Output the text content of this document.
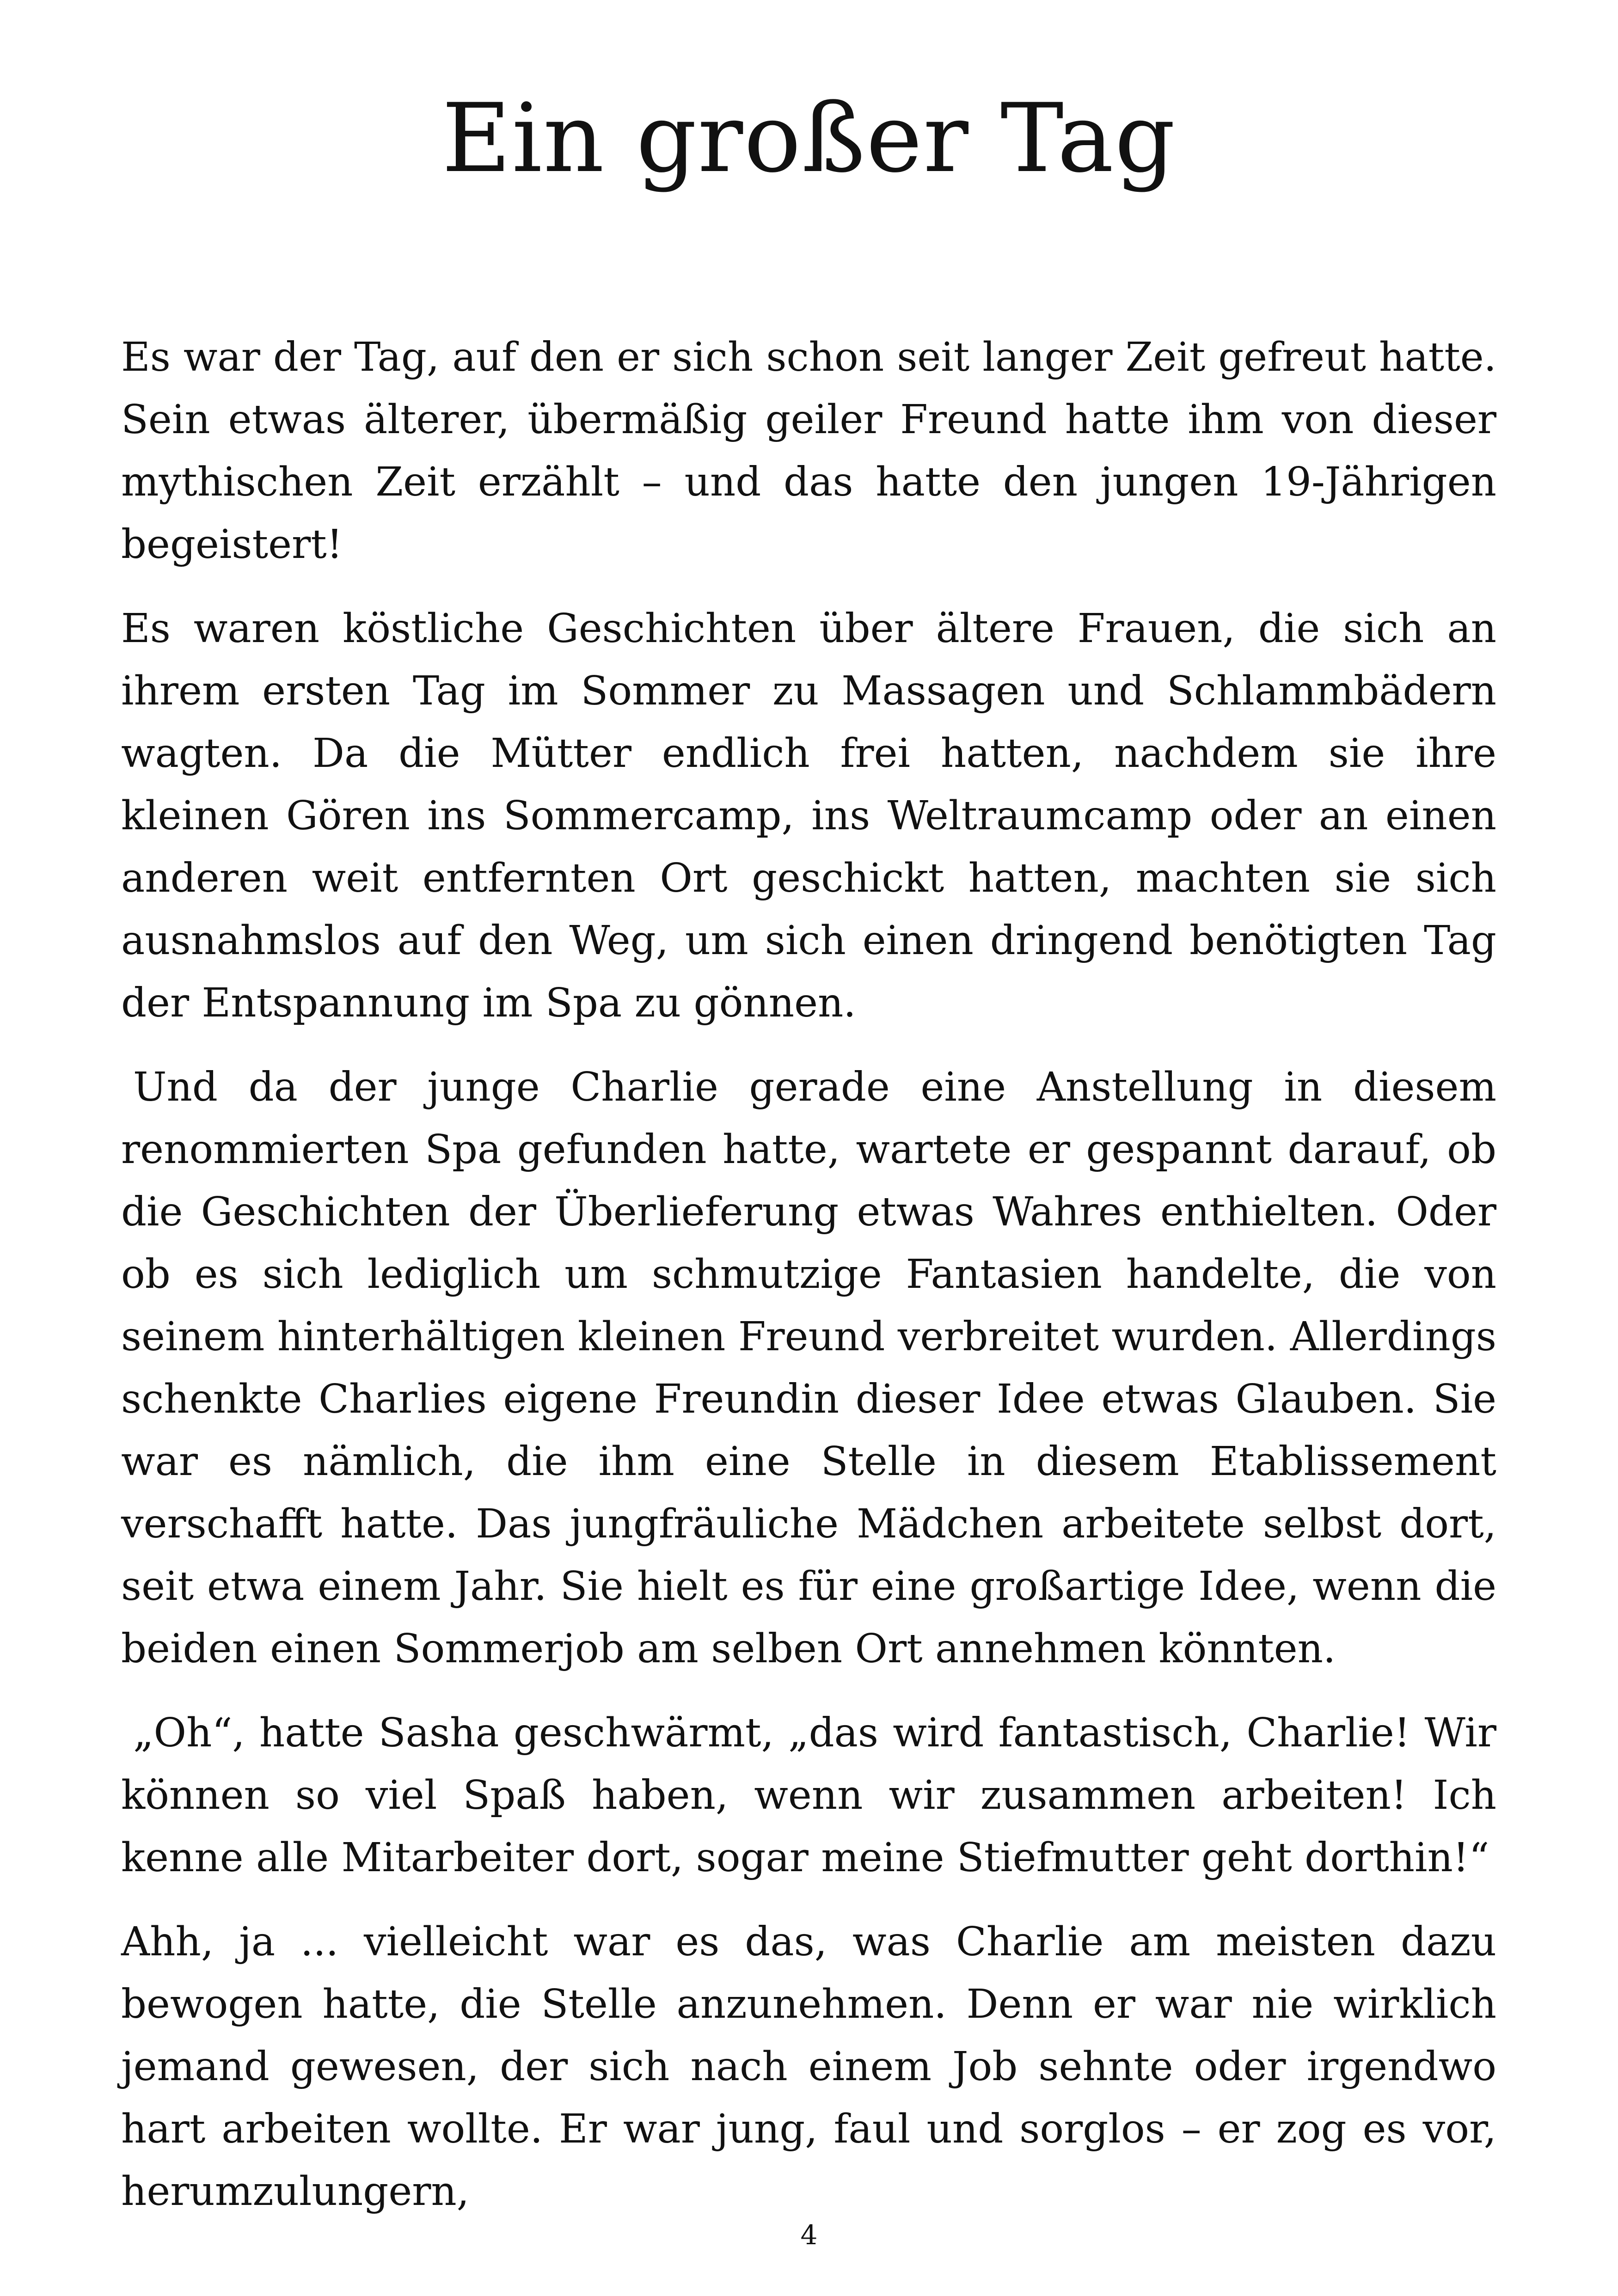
Ein großer Tag

Es war der Tag, auf den er sich schon seit langer Zeit gefreut hatte. Sein etwas älterer, übermäßig geiler Freund hatte ihm von dieser mythischen Zeit erzählt – und das hatte den jungen 19-Jährigen begeistert!

Es waren köstliche Geschichten über ältere Frauen, die sich an ihrem ersten Tag im Sommer zu Massagen und Schlammbädern wagten. Da die Mütter endlich frei hatten, nachdem sie ihre kleinen Gören ins Sommercamp, ins Weltraumcamp oder an einen anderen weit entfernten Ort geschickt hatten, machten sie sich ausnahmslos auf den Weg, um sich einen dringend benötigten Tag der Entspannung im Spa zu gönnen.

Und da der junge Charlie gerade eine Anstellung in diesem renommierten Spa gefunden hatte, wartete er gespannt darauf, ob die Geschichten der Überlieferung etwas Wahres enthielten. Oder ob es sich lediglich um schmutzige Fantasien handelte, die von seinem hinterhältigen kleinen Freund verbreitet wurden. Allerdings schenkte Charlies eigene Freundin dieser Idee etwas Glauben. Sie war es nämlich, die ihm eine Stelle in diesem Etablissement verschafft hatte. Das jungfräuliche Mädchen arbeitete selbst dort, seit etwa einem Jahr. Sie hielt es für eine großartige Idee, wenn die beiden einen Sommerjob am selben Ort annehmen könnten.

„Oh“, hatte Sasha geschwärmt, „das wird fantastisch, Charlie! Wir können so viel Spaß haben, wenn wir zusammen arbeiten! Ich kenne alle Mitarbeiter dort, sogar meine Stiefmutter geht dorthin!“

Ahh, ja ... vielleicht war es das, was Charlie am meisten dazu bewogen hatte, die Stelle anzunehmen. Denn er war nie wirklich jemand gewesen, der sich nach einem Job sehnte oder irgendwo hart arbeiten wollte. Er war jung, faul und sorglos – er zog es vor, herumzulungern,

4
